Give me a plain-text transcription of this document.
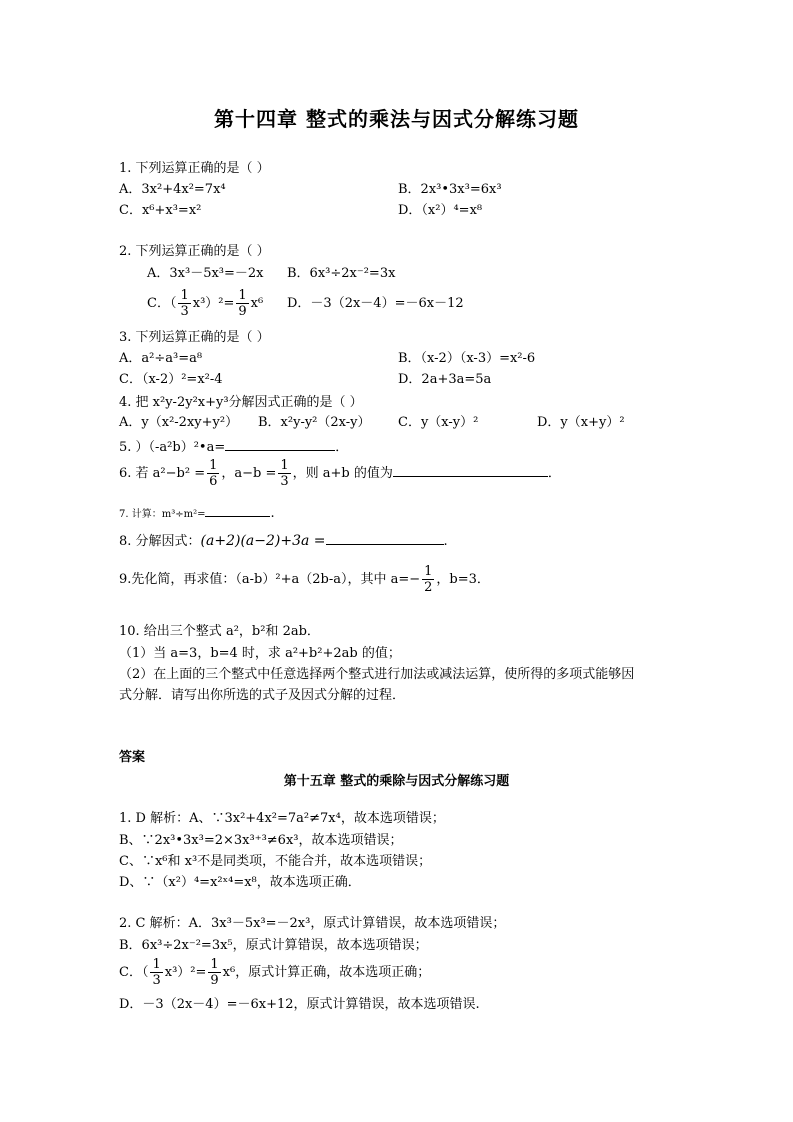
第十四章 整式的乘法与因式分解练习题
1. 下列运算正确的是（ ）
A．3x²+4x²=7x⁴	B．2x³•3x³=6x³
C．x⁶+x³=x²	D．（x²）⁴=x⁸
2. 下列运算正确的是（ ）
A．3x³－5x³=－2x B．6x³÷2x⁻²=3x
C．（ $\frac{1}{3} x^3)^2= \frac{1}{9} x^6$ D．－3（2x－4）=－6x－12
3. 下列运算正确的是（ ）
A．a²÷a³=a⁸	B．（x-2）（x-3）=x²-6
C．（x-2）²=x²-4	D．2a+3a=5a
4. 把 x²y-2y²x+y³分解因式正确的是（ ）
A．y（x²-2xy+y²） B．x²y-y²（2x-y） C．y（x-y）²	D．y（x+y）²
5. ）（-a²b）²•a=	．
6. 若 $a^2-b^2 = \frac{1}{6}$ ，$a-b = \frac{1}{3}$ ，则 a+b 的值为	．
7. 计算：m³÷m²=	.
8. 分解因式：(a+2)(a−2)+3a =	.
9.先化简，再求值：（a-b）²+a（2b-a），其中 $a=- \frac{1}{2}$ ，b=3．
10. 给出三个整式 a²，b²和 2ab．
（1）当 a=3，b=4 时，求 a²+b²+2ab 的值；
（2）在上面的三个整式中任意选择两个整式进行加法或减法运算，使所得的多项式能够因
式分解．请写出你所选的式子及因式分解的过程．
答案
第十五章 整式的乘除与因式分解练习题
1. D 解析：A、∵3x²+4x²=7a²≠7x⁴，故本选项错误；
B、∵2x³•3x³=2×3x³⁺³≠6x³，故本选项错误；
C、∵x⁶和 x³不是同类项，不能合并，故本选项错误；
D、∵（x²）⁴=x²ˣ⁴=x⁸，故本选项正确．
2. C 解析：A．3x³－5x³=－2x³，原式计算错误，故本选项错误；
B．6x³÷2x⁻²=3x⁵，原式计算错误，故本选项错误；
C．（ $\frac{1}{3} x^3)^2= \frac{1}{9} x^6$，原式计算正确，故本选项正确；
D．－3（2x－4）=－6x+12，原式计算错误，故本选项错误.
